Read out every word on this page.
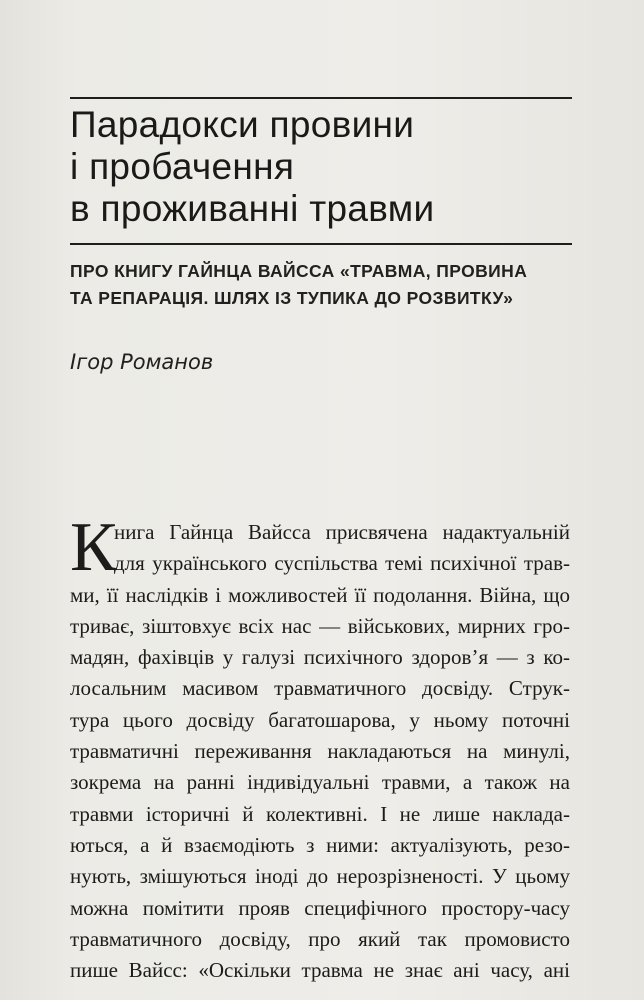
Парадокси провини
і пробачення
в проживанні травми
ПРО КНИГУ ГАЙНЦА ВАЙССА «ТРАВМА, ПРОВИНА
ТА РЕПАРАЦІЯ. ШЛЯХ ІЗ ТУПИКА ДО РОЗВИТКУ»

Ігор Романов

К
нига Гайнца Вайсса присвячена надактуальній
для українського суспільства темі психічної трав-
ми, її наслідків і можливостей її подолання. Війна, що
триває, зіштовхує всіх нас — військових, мирних гро-
мадян, фахівців у галузі психічного здоров’я — з ко-
лосальним масивом травматичного досвіду. Струк-
тура цього досвіду багатошарова, у ньому поточні
травматичні переживання накладаються на минулі,
зокрема на ранні індивідуальні травми, а також на
травми історичні й колективні. І не лише наклада-
ються, а й взаємодіють з ними: актуалізують, резо-
нують, змішуються іноді до нерозрізненості. У цьому
можна помітити прояв специфічного простору-часу
травматичного досвіду, про який так промовисто
пише Вайсс: «Оскільки травма не знає ані часу, ані
